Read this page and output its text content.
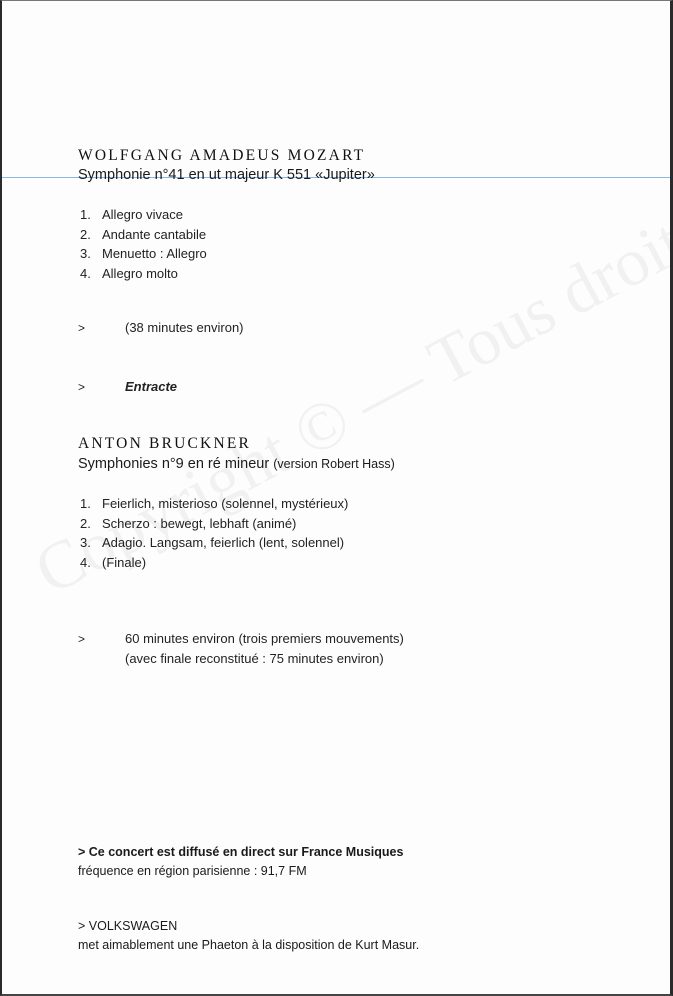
WOLFGANG AMADEUS MOZART
Symphonie n°41 en ut majeur K 551 «Jupiter»
1. Allegro vivace
2. Andante cantabile
3. Menuetto : Allegro
4. Allegro molto
>	(38 minutes environ)
>	Entracte
ANTON BRUCKNER
Symphonies n°9 en ré mineur (version Robert Hass)
1. Feierlich, misterioso (solennel, mystérieux)
2. Scherzo : bewegt, lebhaft (animé)
3. Adagio. Langsam, feierlich (lent, solennel)
4. (Finale)
>	60 minutes environ (trois premiers mouvements)
(avec finale reconstitué : 75 minutes environ)
> Ce concert est diffusé en direct sur France Musiques
fréquence en région parisienne : 91,7 FM
> VOLKSWAGEN
met aimablement une Phaeton à la disposition de Kurt Masur.
